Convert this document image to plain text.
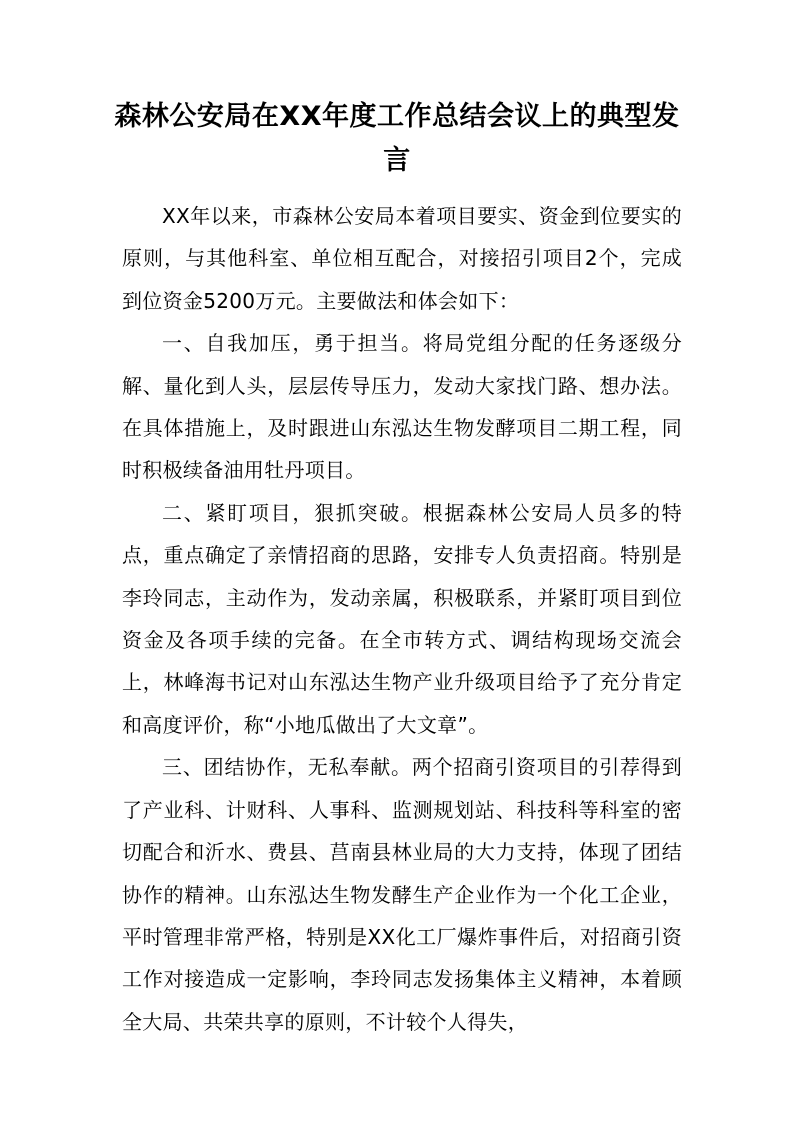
森林公安局在XX年度工作总结会议上的典型发言

XX年以来，市森林公安局本着项目要实、资金到位要实的原则，与其他科室、单位相互配合，对接招引项目2个，完成到位资金5200万元。主要做法和体会如下：

一、自我加压，勇于担当。将局党组分配的任务逐级分解、量化到人头，层层传导压力，发动大家找门路、想办法。在具体措施上，及时跟进山东泓达生物发酵项目二期工程，同时积极续备油用牡丹项目。

二、紧盯项目，狠抓突破。根据森林公安局人员多的特点，重点确定了亲情招商的思路，安排专人负责招商。特别是李玲同志，主动作为，发动亲属，积极联系，并紧盯项目到位资金及各项手续的完备。在全市转方式、调结构现场交流会上，林峰海书记对山东泓达生物产业升级项目给予了充分肯定和高度评价，称“小地瓜做出了大文章”。

三、团结协作，无私奉献。两个招商引资项目的引荐得到了产业科、计财科、人事科、监测规划站、科技科等科室的密切配合和沂水、费县、莒南县林业局的大力支持，体现了团结协作的精神。山东泓达生物发酵生产企业作为一个化工企业，平时管理非常严格，特别是XX化工厂爆炸事件后，对招商引资工作对接造成一定影响，李玲同志发扬集体主义精神，本着顾全大局、共荣共享的原则，不计较个人得失，
